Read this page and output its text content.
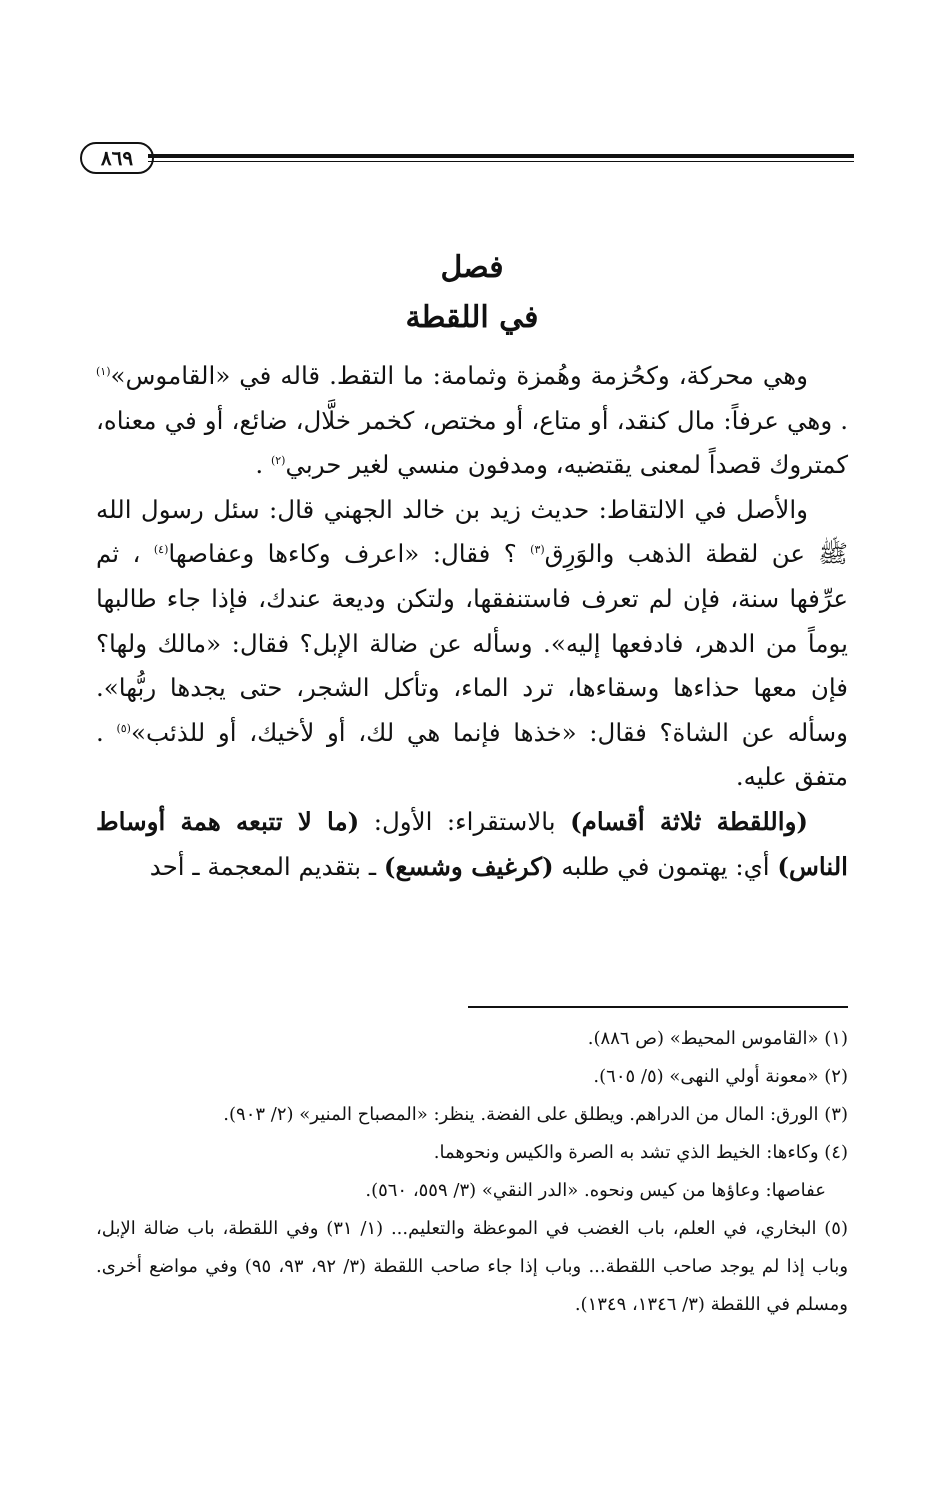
٨٦٩

فصل

في اللقطة

وهي محركة، وكحُزمة وهُمزة وثمامة: ما التقط. قاله في «القاموس»$^{(١)}$ . وهي عرفاً: مال كنقد، أو متاع، أو مختص، كخمر خلَّال، ضائع، أو في معناه، كمتروك قصداً لمعنى يقتضيه، ومدفون منسي لغير حربي$^{(٢)}$ .

والأصل في الالتقاط: حديث زيد بن خالد الجهني قال: سئل رسول الله ﷺ عن لقطة الذهب والوَرِق$^{(٣)}$ ؟ فقال: «اعرف وكاءها وعفاصها$^{(٤)}$ ، ثم عرِّفها سنة، فإن لم تعرف فاستنفقها، ولتكن وديعة عندك، فإذا جاء طالبها يوماً من الدهر، فادفعها إليه». وسأله عن ضالة الإبل؟ فقال: «مالك ولها؟ فإن معها حذاءها وسقاءها، ترد الماء، وتأكل الشجر، حتى يجدها ربُّها». وسأله عن الشاة؟ فقال: «خذها فإنما هي لك، أو لأخيك، أو للذئب»$^{(٥)}$ . متفق عليه.

(واللقطة ثلاثة أقسام) بالاستقراء: الأول: (ما لا تتبعه همة أوساط الناس) أي: يهتمون في طلبه (كرغيف وشسع) ـ بتقديم المعجمة ـ أحد

(١) «القاموس المحيط» (ص ٨٨٦).

(٢) «معونة أولي النهى» (٥/ ٦٠٥).

(٣) الورق: المال من الدراهم. ويطلق على الفضة. ينظر: «المصباح المنير» (٢/ ٩٠٣).

(٤) وكاءها: الخيط الذي تشد به الصرة والكيس ونحوهما.

عفاصها: وعاؤها من كيس ونحوه. «الدر النقي» (٣/ ٥٥٩، ٥٦٠).

(٥) البخاري، في العلم، باب الغضب في الموعظة والتعليم... (١/ ٣١) وفي اللقطة، باب ضالة الإبل، وباب إذا لم يوجد صاحب اللقطة... وباب إذا جاء صاحب اللقطة (٣/ ٩٢، ٩٣، ٩٥) وفي مواضع أخرى. ومسلم في اللقطة (٣/ ١٣٤٦، ١٣٤٩).
